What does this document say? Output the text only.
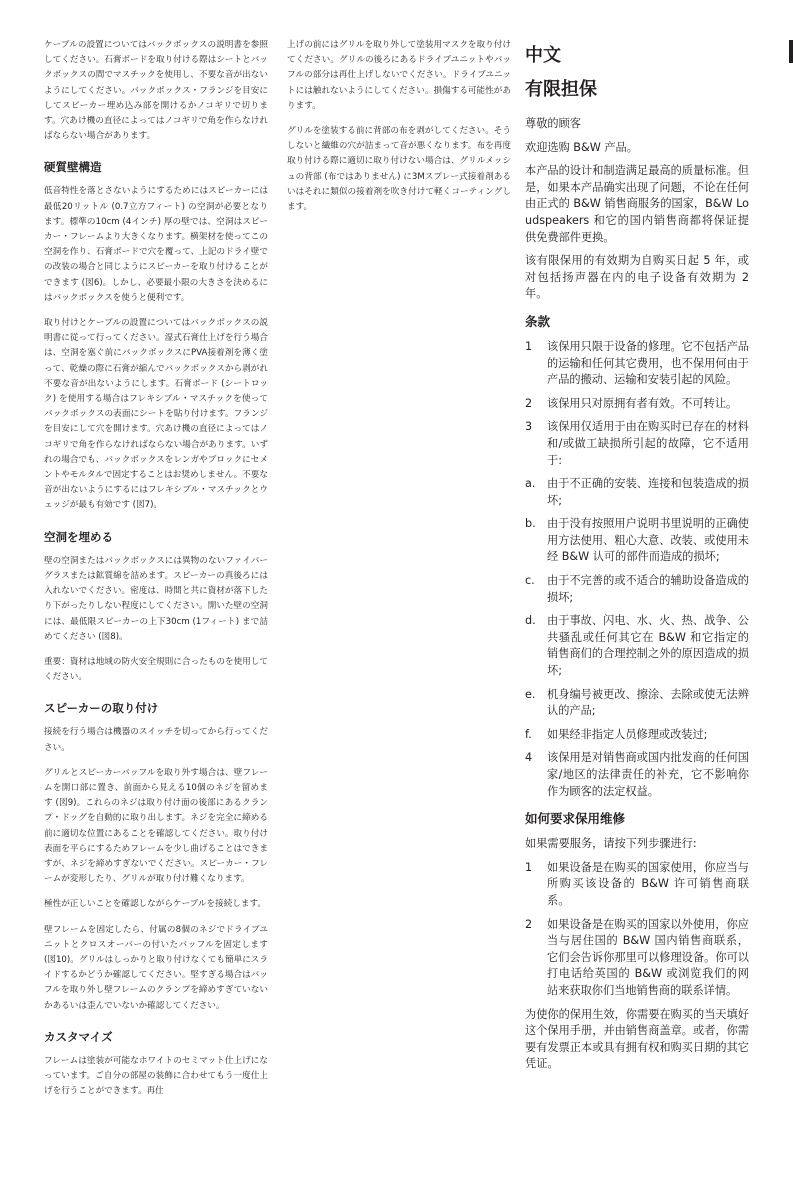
ケーブルの設置についてはバックボックスの説明書を参照してください。石膏ボードを取り付ける際はシートとバックボックスの間でマスチックを使用し、不要な音が出ないようにしてください。バックボックス・フランジを目安にしてスピーカー埋め込み部を開けるかノコギリで切ります。穴あけ機の直径によってはノコギリで角を作らなければならない場合があります。

硬質壁構造

低音特性を落とさないようにするためにはスピーカーには最低20リットル (0.7立方フィート) の空洞が必要となります。標準の10cm (4インチ) 厚の壁では、空洞はスピーカー・フレームより大きくなります。横架材を使ってこの空洞を作り、石膏ボードで穴を覆って、上記のドライ壁での改装の場合と同じようにスピーカーを取り付けることができます (図6)。しかし、必要最小限の大きさを決めるにはバックボックスを使うと便利です。

取り付けとケーブルの設置についてはバックボックスの説明書に従って行ってください。湿式石膏仕上げを行う場合は、空洞を塞ぐ前にバックボックスにPVA接着剤を薄く塗って、乾燥の際に石膏が縮んでバックボックスから剥がれ不要な音が出ないようにします。石膏ボード (シートロック) を使用する場合はフレキシブル・マスチックを使ってバックボックスの表面にシートを貼り付けます。フランジを目安にして穴を開けます。穴あけ機の直径によってはノコギリで角を作らなければならない場合があります。いずれの場合でも、バックボックスをレンガやブロックにセメントやモルタルで固定することはお奨めしません。不要な音が出ないようにするにはフレキシブル・マスチックとウェッジが最も有効です (図7)。

空洞を埋める

壁の空洞またはバックボックスには異物のないファイバーグラスまたは鉱質綿を詰めます。スピーカーの真後ろには入れないでください。密度は、時間と共に資材が落下したり下がったりしない程度にしてください。開いた壁の空洞には、最低限スピーカーの上下30cm (1フィート) まで詰めてください (図8)。

重要：資材は地域の防火安全規則に合ったものを使用してください。

スピーカーの取り付け

接続を行う場合は機器のスイッチを切ってから行ってください。

グリルとスピーカーバッフルを取り外す場合は、壁フレームを開口部に置き、前面から見える10個のネジを留めます (図9)。これらのネジは取り付け面の後部にあるクランプ・ドッグを自動的に取り出します。ネジを完全に締める前に適切な位置にあることを確認してください。取り付け表面を平らにするためフレームを少し曲げることはできますが、ネジを締めすぎないでください。スピーカー・フレームが変形したり、グリルが取り付け難くなります。

極性が正しいことを確認しながらケーブルを接続します。

壁フレームを固定したら、付属の8個のネジでドライブユニットとクロスオーバーの付いたバッフルを固定します (図10)。グリルはしっかりと取り付けなくても簡単にスライドするかどうか確認してください。堅すぎる場合はバッフルを取り外し壁フレームのクランプを締めすぎていないかあるいは歪んでいないか確認してください。

カスタマイズ

フレームは塗装が可能なホワイトのセミマット仕上げになっています。ご自分の部屋の装飾に合わせてもう一度仕上げを行うことができます。再仕

上げの前にはグリルを取り外して塗装用マスクを取り付けてください。グリルの後ろにあるドライブユニットやバッフルの部分は再仕上げしないでください。ドライブユニットには触れないようにしてください。損傷する可能性があります。

グリルを塗装する前に背部の布を剥がしてください。そうしないと繊維の穴が詰まって音が悪くなります。布を再度取り付ける際に適切に取り付けない場合は、グリルメッシュの背部 (布ではありません) に3Mスプレー式接着剤あるいはそれに類似の接着剤を吹き付けて軽くコーティングします。

中文
有限担保

尊敬的顾客

欢迎选购 B&W 产品。

本产品的设计和制造满足最高的质量标准。但是，如果本产品确实出现了问题，不论在任何由正式的 B&W 销售商服务的国家，B&W Loudspeakers 和它的国内销售商都将保证提供免费部件更换。

该有限保用的有效期为自购买日起 5 年，或对包括扬声器在内的电子设备有效期为 2 年。

条款
1	该保用只限于设备的修理。它不包括产品的运输和任何其它费用，也不保用何由于产品的搬动、运输和安装引起的风险。
2	该保用只对原拥有者有效。不可转让。
3	该保用仅适用于由在购买时已存在的材料和/或做工缺损所引起的故障，它不适用于:
a.	由于不正确的安装、连接和包装造成的损坏;
b.	由于没有按照用户说明书里说明的正确使用方法使用、粗心大意、改装、或使用未经 B&W 认可的部件而造成的损坏;
c.	由于不完善的或不适合的辅助设备造成的损坏;
d.	由于事故、闪电、水、火、热、战争、公共骚乱或任何其它在 B&W 和它指定的销售商们的合理控制之外的原因造成的损坏;
e.	机身编号被更改、擦涂、去除或使无法辨认的产品;
f.	如果经非指定人员修理或改装过;
4	该保用是对销售商或国内批发商的任何国家/地区的法律责任的补充，它不影响你作为顾客的法定权益。
如何要求保用维修

如果需要服务，请按下列步骤进行:

1	如果设备是在购买的国家使用，你应当与所购买该设备的 B&W 许可销售商联系。
2	如果设备是在购买的国家以外使用，你应当与居住国的 B&W 国内销售商联系，它们会告诉你那里可以修理设备。你可以打电话给英国的 B&W 或浏览我们的网站来获取你们当地销售商的联系详情。

为使你的保用生效，你需要在购买的当天填好这个保用手册，并由销售商盖章。或者，你需要有发票正本或具有拥有权和购买日期的其它凭证。
